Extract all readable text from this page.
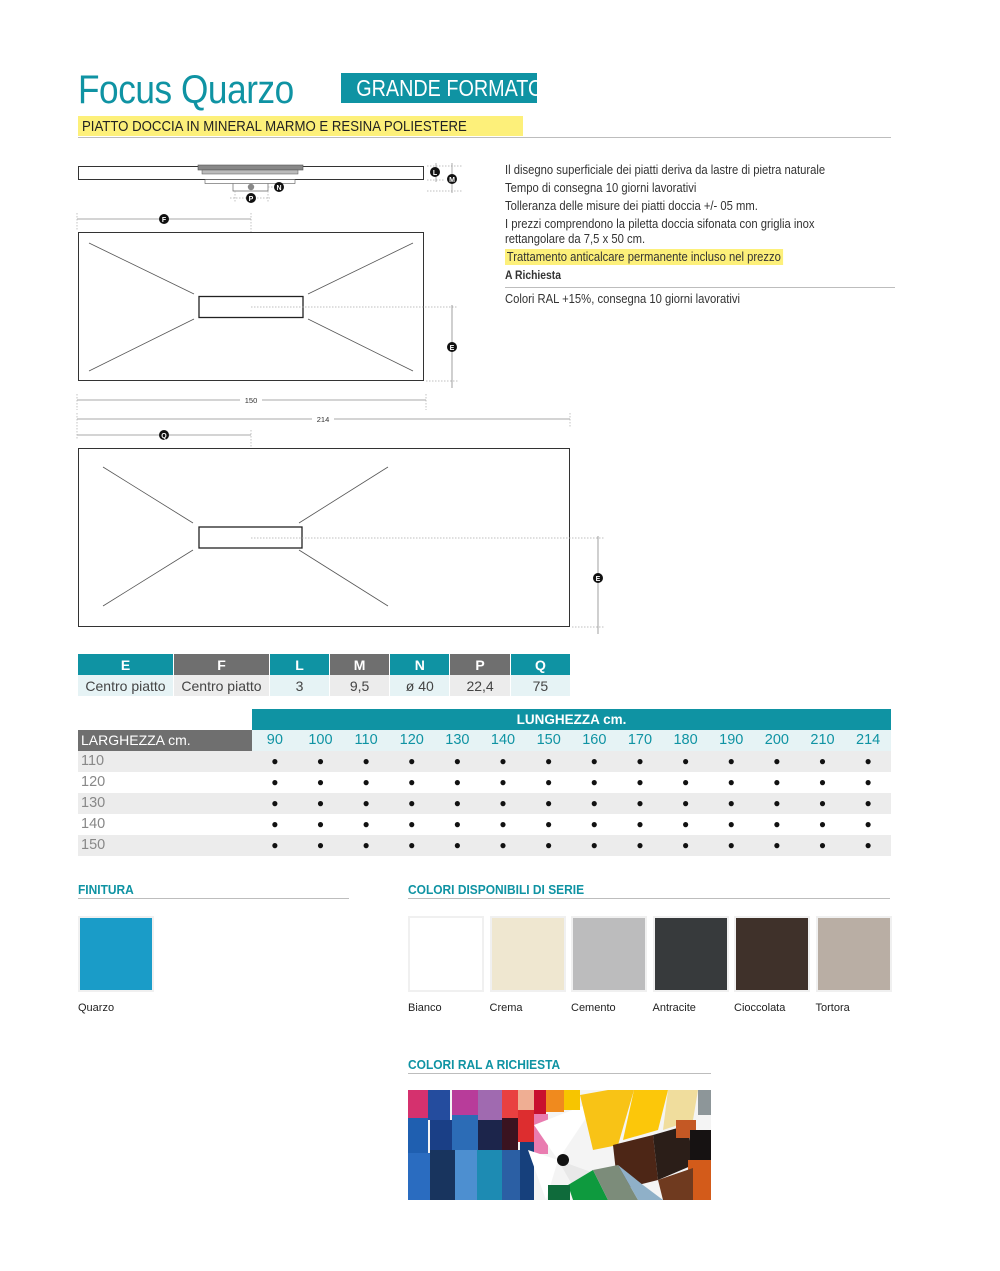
Focus Quarzo	GRANDE FORMATO
PIATTO DOCCIA IN MINERAL MARMO E RESINA POLIESTERE

Il disegno superficiale dei piatti deriva da lastre di pietra naturale

Tempo di consegna 10 giorni lavorativi

Tolleranza delle misure dei piatti doccia +/- 05 mm.

I prezzi comprendono la piletta doccia sifonata con griglia inox rettangolare da 7,5 x 50 cm.

Trattamento anticalcare permanente incluso nel prezzo

A Richiesta

Colori RAL +15%, consegna 10 giorni lavorativi

L
M
N
P
150
F
E
214
Q
E
E	F	L	M	N	P	Q
Centro piatto	Centro piatto	3	9,5	ø 40	22,4	75
LUNGHEZZA cm.
LARGHEZZA cm.	90	100	110	120	130	140	150	160	170	180	190	200	210	214
110	●	●	●	●	●	●	●	●	●	●	●	●	●	●
120	●	●	●	●	●	●	●	●	●	●	●	●	●	●
130	●	●	●	●	●	●	●	●	●	●	●	●	●	●
140	●	●	●	●	●	●	●	●	●	●	●	●	●	●
150	●	●	●	●	●	●	●	●	●	●	●	●	●	●
FINITURA
Quarzo
COLORI DISPONIBILI DI SERIE
Bianco	Crema	Cemento	Antracite	Cioccolata	Tortora
COLORI RAL A RICHIESTA
